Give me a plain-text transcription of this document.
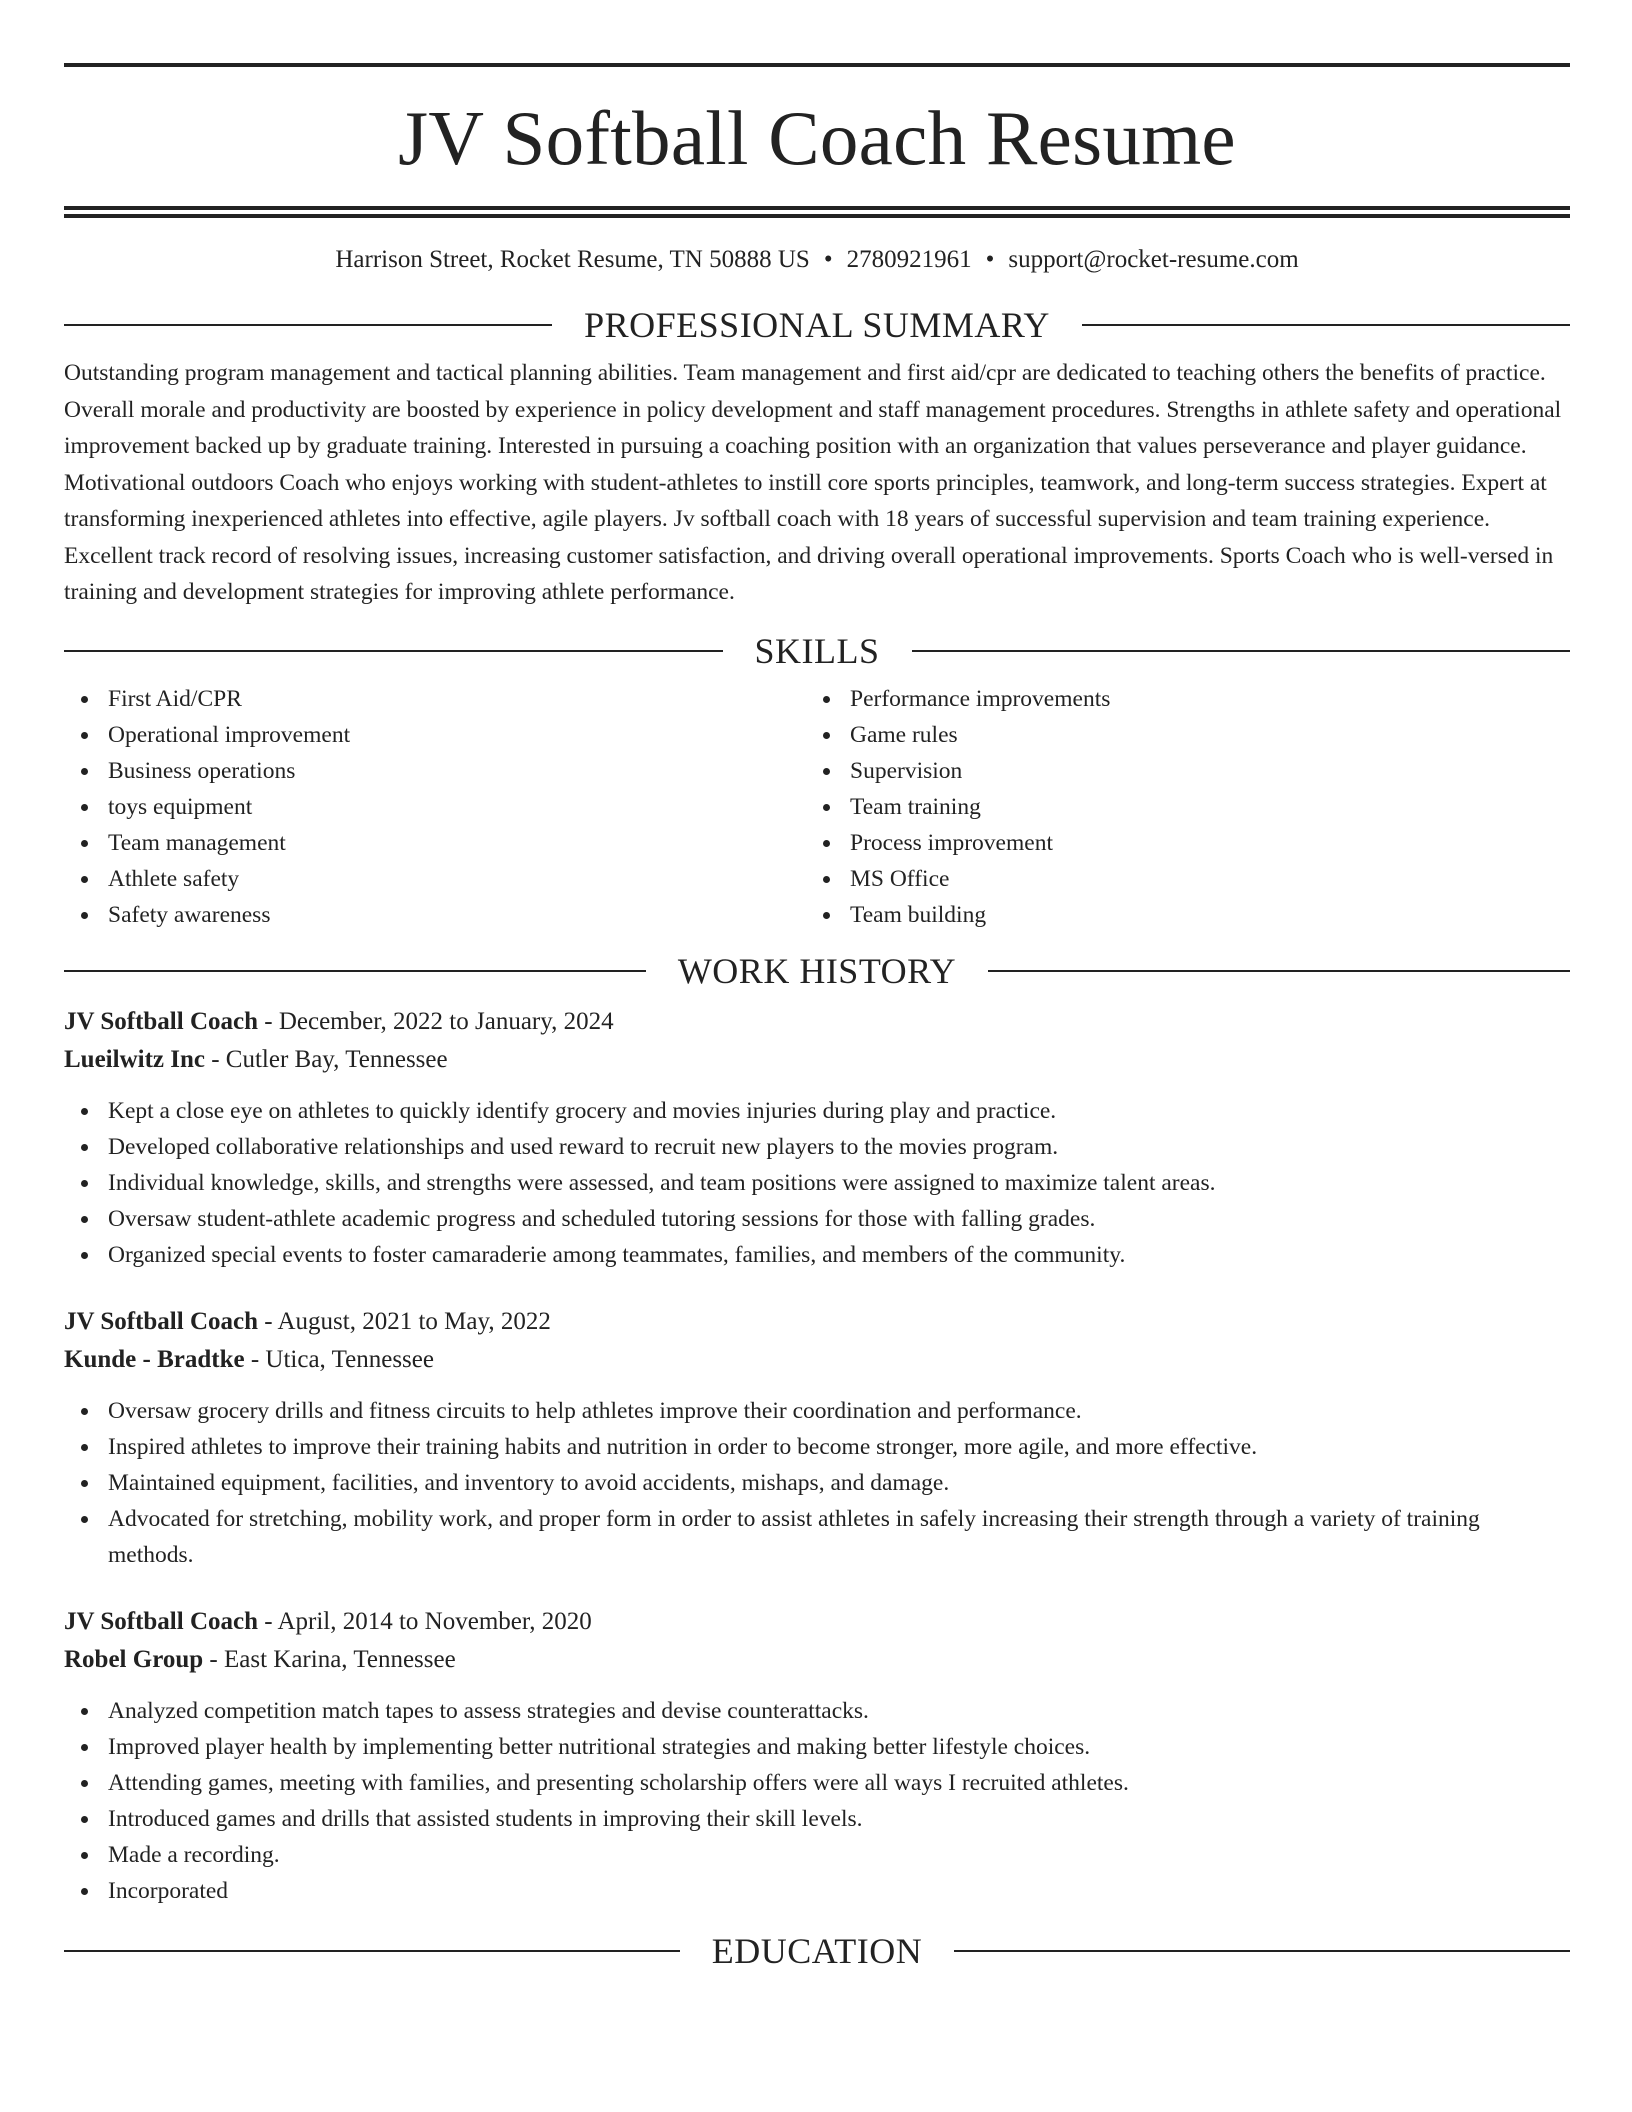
JV Softball Coach Resume
Harrison Street, Rocket Resume, TN 50888 US • 2780921961 • support@rocket-resume.com
PROFESSIONAL SUMMARY
Outstanding program management and tactical planning abilities. Team management and first aid/cpr are dedicated to teaching others the benefits of practice. Overall morale and productivity are boosted by experience in policy development and staff management procedures. Strengths in athlete safety and operational improvement backed up by graduate training. Interested in pursuing a coaching position with an organization that values perseverance and player guidance. Motivational outdoors Coach who enjoys working with student-athletes to instill core sports principles, teamwork, and long-term success strategies. Expert at transforming inexperienced athletes into effective, agile players. Jv softball coach with 18 years of successful supervision and team training experience. Excellent track record of resolving issues, increasing customer satisfaction, and driving overall operational improvements. Sports Coach who is well-versed in training and development strategies for improving athlete performance.
SKILLS
First Aid/CPR
Operational improvement
Business operations
toys equipment
Team management
Athlete safety
Safety awareness
Performance improvements
Game rules
Supervision
Team training
Process improvement
MS Office
Team building
WORK HISTORY
JV Softball Coach - December, 2022 to January, 2024
Lueilwitz Inc - Cutler Bay, Tennessee
Kept a close eye on athletes to quickly identify grocery and movies injuries during play and practice.
Developed collaborative relationships and used reward to recruit new players to the movies program.
Individual knowledge, skills, and strengths were assessed, and team positions were assigned to maximize talent areas.
Oversaw student-athlete academic progress and scheduled tutoring sessions for those with falling grades.
Organized special events to foster camaraderie among teammates, families, and members of the community.
JV Softball Coach - August, 2021 to May, 2022
Kunde - Bradtke - Utica, Tennessee
Oversaw grocery drills and fitness circuits to help athletes improve their coordination and performance.
Inspired athletes to improve their training habits and nutrition in order to become stronger, more agile, and more effective.
Maintained equipment, facilities, and inventory to avoid accidents, mishaps, and damage.
Advocated for stretching, mobility work, and proper form in order to assist athletes in safely increasing their strength through a variety of training methods.
JV Softball Coach - April, 2014 to November, 2020
Robel Group - East Karina, Tennessee
Analyzed competition match tapes to assess strategies and devise counterattacks.
Improved player health by implementing better nutritional strategies and making better lifestyle choices.
Attending games, meeting with families, and presenting scholarship offers were all ways I recruited athletes.
Introduced games and drills that assisted students in improving their skill levels.
Made a recording.
Incorporated
EDUCATION
